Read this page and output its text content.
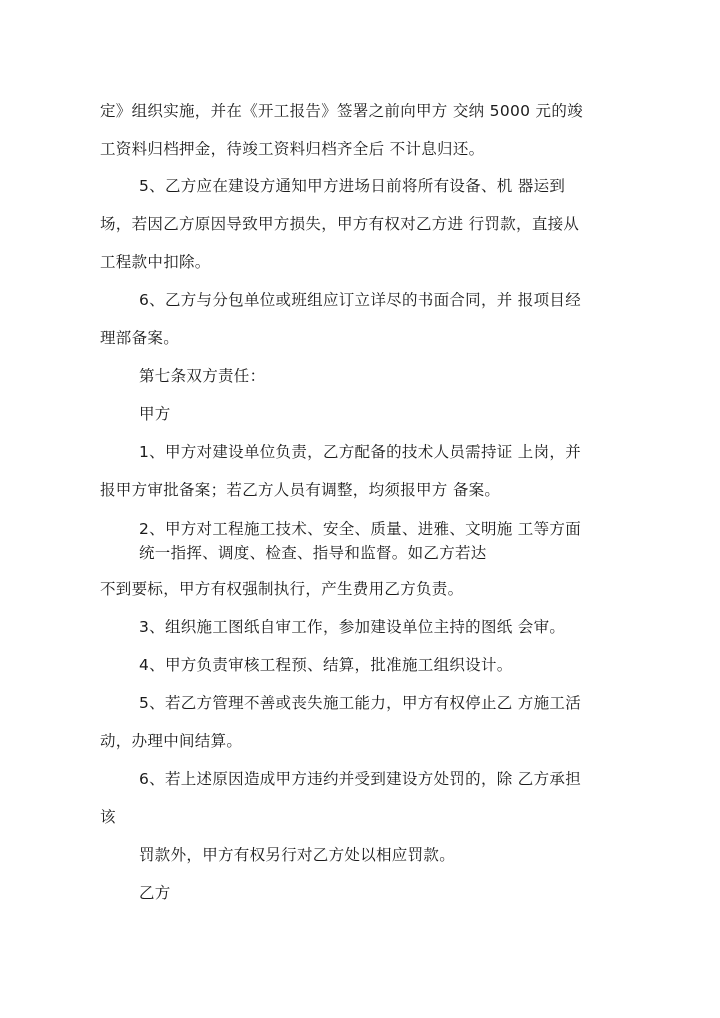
定》组织实施，并在《开工报告》签署之前向甲方 交纳 5000 元的竣
工资料归档押金，待竣工资料归档齐全后 不计息归还。
5、乙方应在建设方通知甲方进场日前将所有设备、机 器运到
场，若因乙方原因导致甲方损失，甲方有权对乙方进 行罚款，直接从
工程款中扣除。
6、乙方与分包单位或班组应订立详尽的书面合同，并 报项目经
理部备案。
第七条双方责任：
甲方
1、甲方对建设单位负责，乙方配备的技术人员需持证 上岗，并
报甲方审批备案；若乙方人员有调整，均须报甲方 备案。
2、甲方对工程施工技术、安全、质量、进雅、文明施 工等方面
统一指挥、调度、检查、指导和监督。如乙方若达
不到要标，甲方有权强制执行，产生费用乙方负责。
3、组织施工图纸自审工作，参加建设单位主持的图纸 会审。
4、甲方负责审核工程预、结算，批准施工组织设计。
5、若乙方管理不善或丧失施工能力，甲方有权停止乙 方施工活
动，办理中间结算。
6、若上述原因造成甲方违约并受到建设方处罚的，除 乙方承担
该
罚款外，甲方有权另行对乙方处以相应罚款。
乙方
